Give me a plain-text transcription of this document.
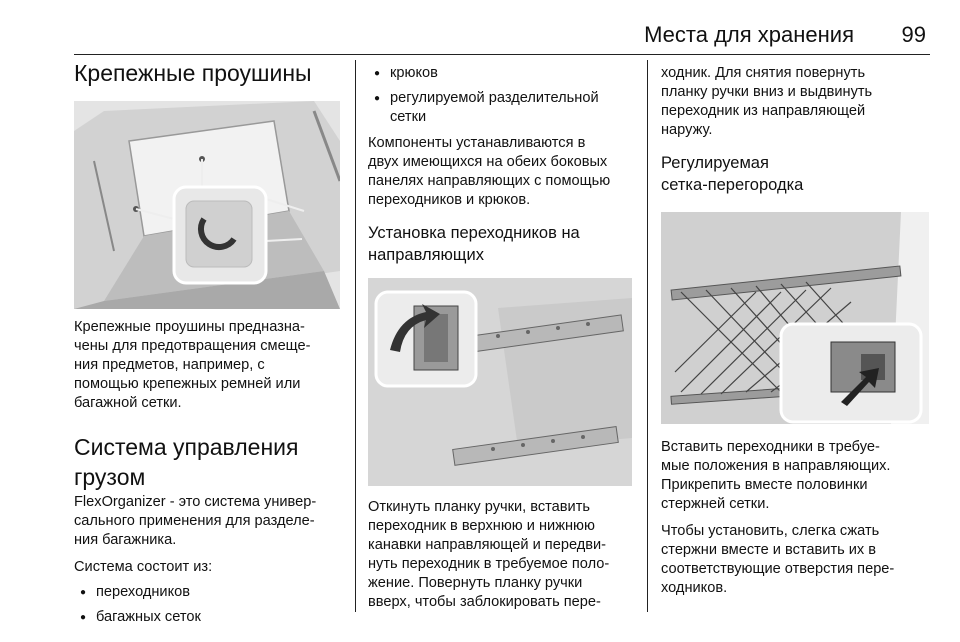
Места для хранения 99
Крепежные проушины

Крепежные проушины предназна-

чены для предотвращения смеще-

ния предметов, например, с

помощью крепежных ремней или

багажной сетки.

Система управления
грузом

FlexOrganizer - это система универ-

сального применения для разделе-

ния багажника.

Система состоит из:

● переходников
● багажных сеток
● крюков
● регулируемой разделительной сетки

Компоненты устанавливаются в

двух имеющихся на обеих боковых

панелях направляющих с помощью

переходников и крюков.

Установка переходников на
направляющих

Откинуть планку ручки, вставить

переходник в верхнюю и нижнюю

канавки направляющей и передви-

нуть переходник в требуемое поло-

жение. Повернуть планку ручки

вверх, чтобы заблокировать пере-

ходник. Для снятия повернуть

планку ручки вниз и выдвинуть

переходник из направляющей

наружу.

Регулируемая
сетка-перегородка

Вставить переходники в требуе-

мые положения в направляющих.

Прикрепить вместе половинки

стержней сетки.

Чтобы установить, слегка сжать

стержни вместе и вставить их в

соответствующие отверстия пере-

ходников.
